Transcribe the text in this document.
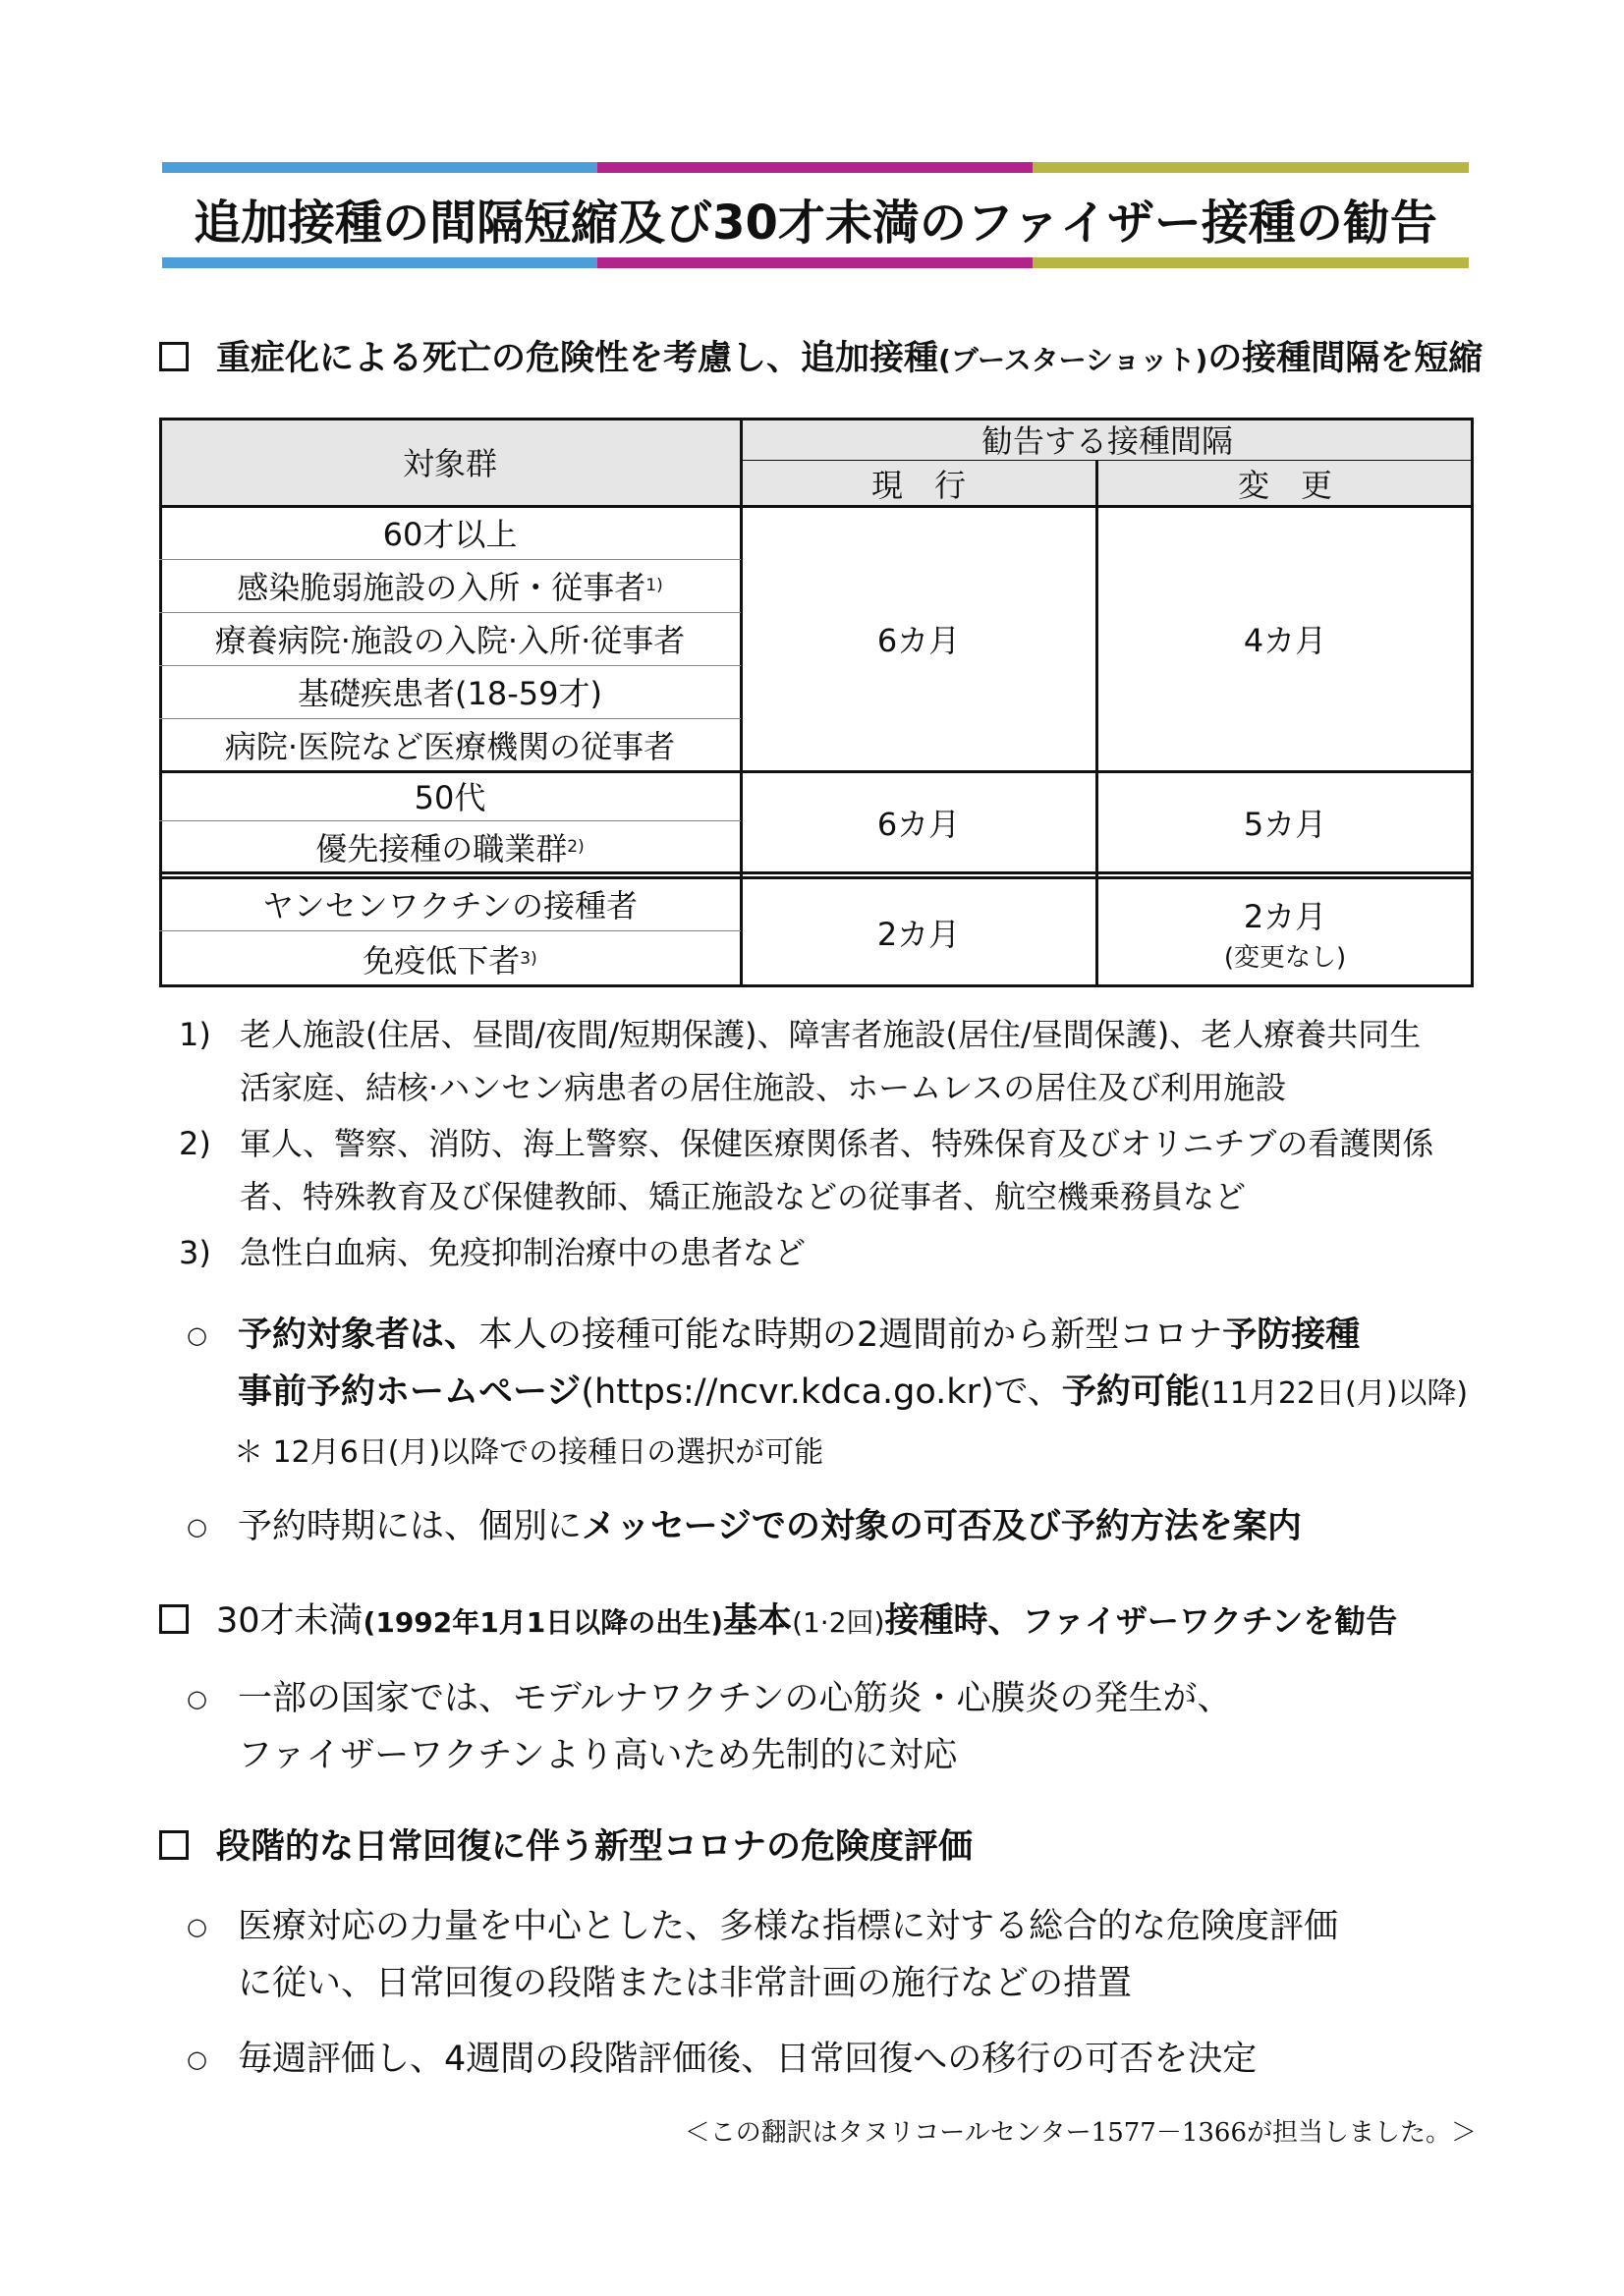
追加接種の間隔短縮及び30才未満のファイザー接種の勧告
重症化による死亡の危険性を考慮し、追加接種(ブースターショット)の接種間隔を短縮
対象群
勧告する接種間隔
現　行	変　更
60才以上
感染脆弱施設の入所・従事者 1)
療養病院·施設の入院·入所·従事者
基礎疾患者(18-59才)
病院·医院など医療機関の従事者
6カ月	4カ月
50代
優先接種の職業群 2)
6カ月	5カ月
ヤンセンワクチンの接種者
免疫低下者 3)
2カ月	2カ月
(変更なし)
1) 老人施設(住居、昼間/夜間/短期保護)、障害者施設(居住/昼間保護)、老人療養共同生
活家庭、結核·ハンセン病患者の居住施設、ホームレスの居住及び利用施設
2) 軍人、警察、消防、海上警察、保健医療関係者、特殊保育及びオリニチブの看護関係
者、特殊教育及び保健教師、矯正施設などの従事者、航空機乗務員など
3) 急性白血病、免疫抑制治療中の患者など
○ 予約対象者は、本人の接種可能な時期の2週間前から新型コロナ予防接種
事前予約ホームページ(https://ncvr.kdca.go.kr)で、予約可能(11月22日(月)以降)
＊ 12月6日(月)以降での接種日の選択が可能
○ 予約時期には、個別にメッセージでの対象の可否及び予約方法を案内
30才未満(1992年1月1日以降の出生)基本(1·2回)接種時、ファイザーワクチンを勧告
○ 一部の国家では、モデルナワクチンの心筋炎・心膜炎の発生が、
ファイザーワクチンより高いため先制的に対応
段階的な日常回復に伴う新型コロナの危険度評価
○ 医療対応の力量を中心とした、多様な指標に対する総合的な危険度評価
に従い、日常回復の段階または非常計画の施行などの措置
○ 毎週評価し、4週間の段階評価後、日常回復への移行の可否を決定
＜この翻訳はタヌリコールセンター1577－1366が担当しました。＞
